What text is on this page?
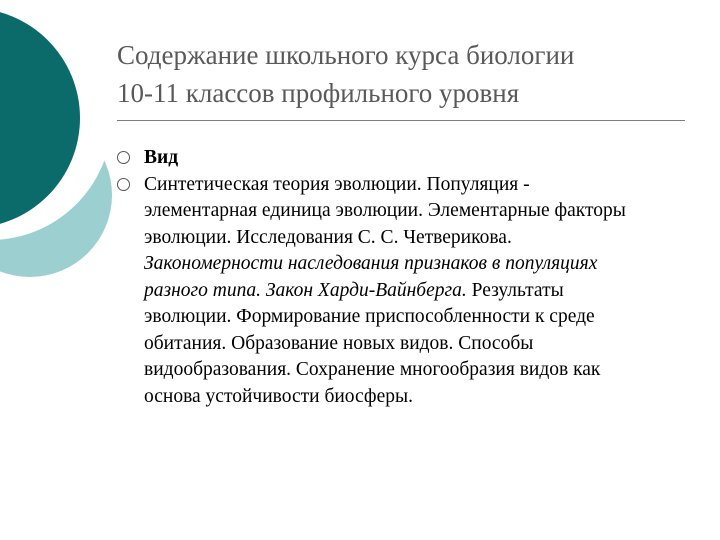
Содержание школьного курса биологии
10-11 классов профильного уровня
Вид
Синтетическая теория эволюции. Популяция - элементарная единица эволюции. Элементарные факторы эволюции. Исследования С. С. Четверикова. Закономерности наследования признаков в популяциях разного типа. Закон Харди-Вайнберга. Результаты эволюции. Формирование приспособленности к среде обитания. Образование новых видов. Способы видообразования. Сохранение многообразия видов как основа устойчивости биосферы.
